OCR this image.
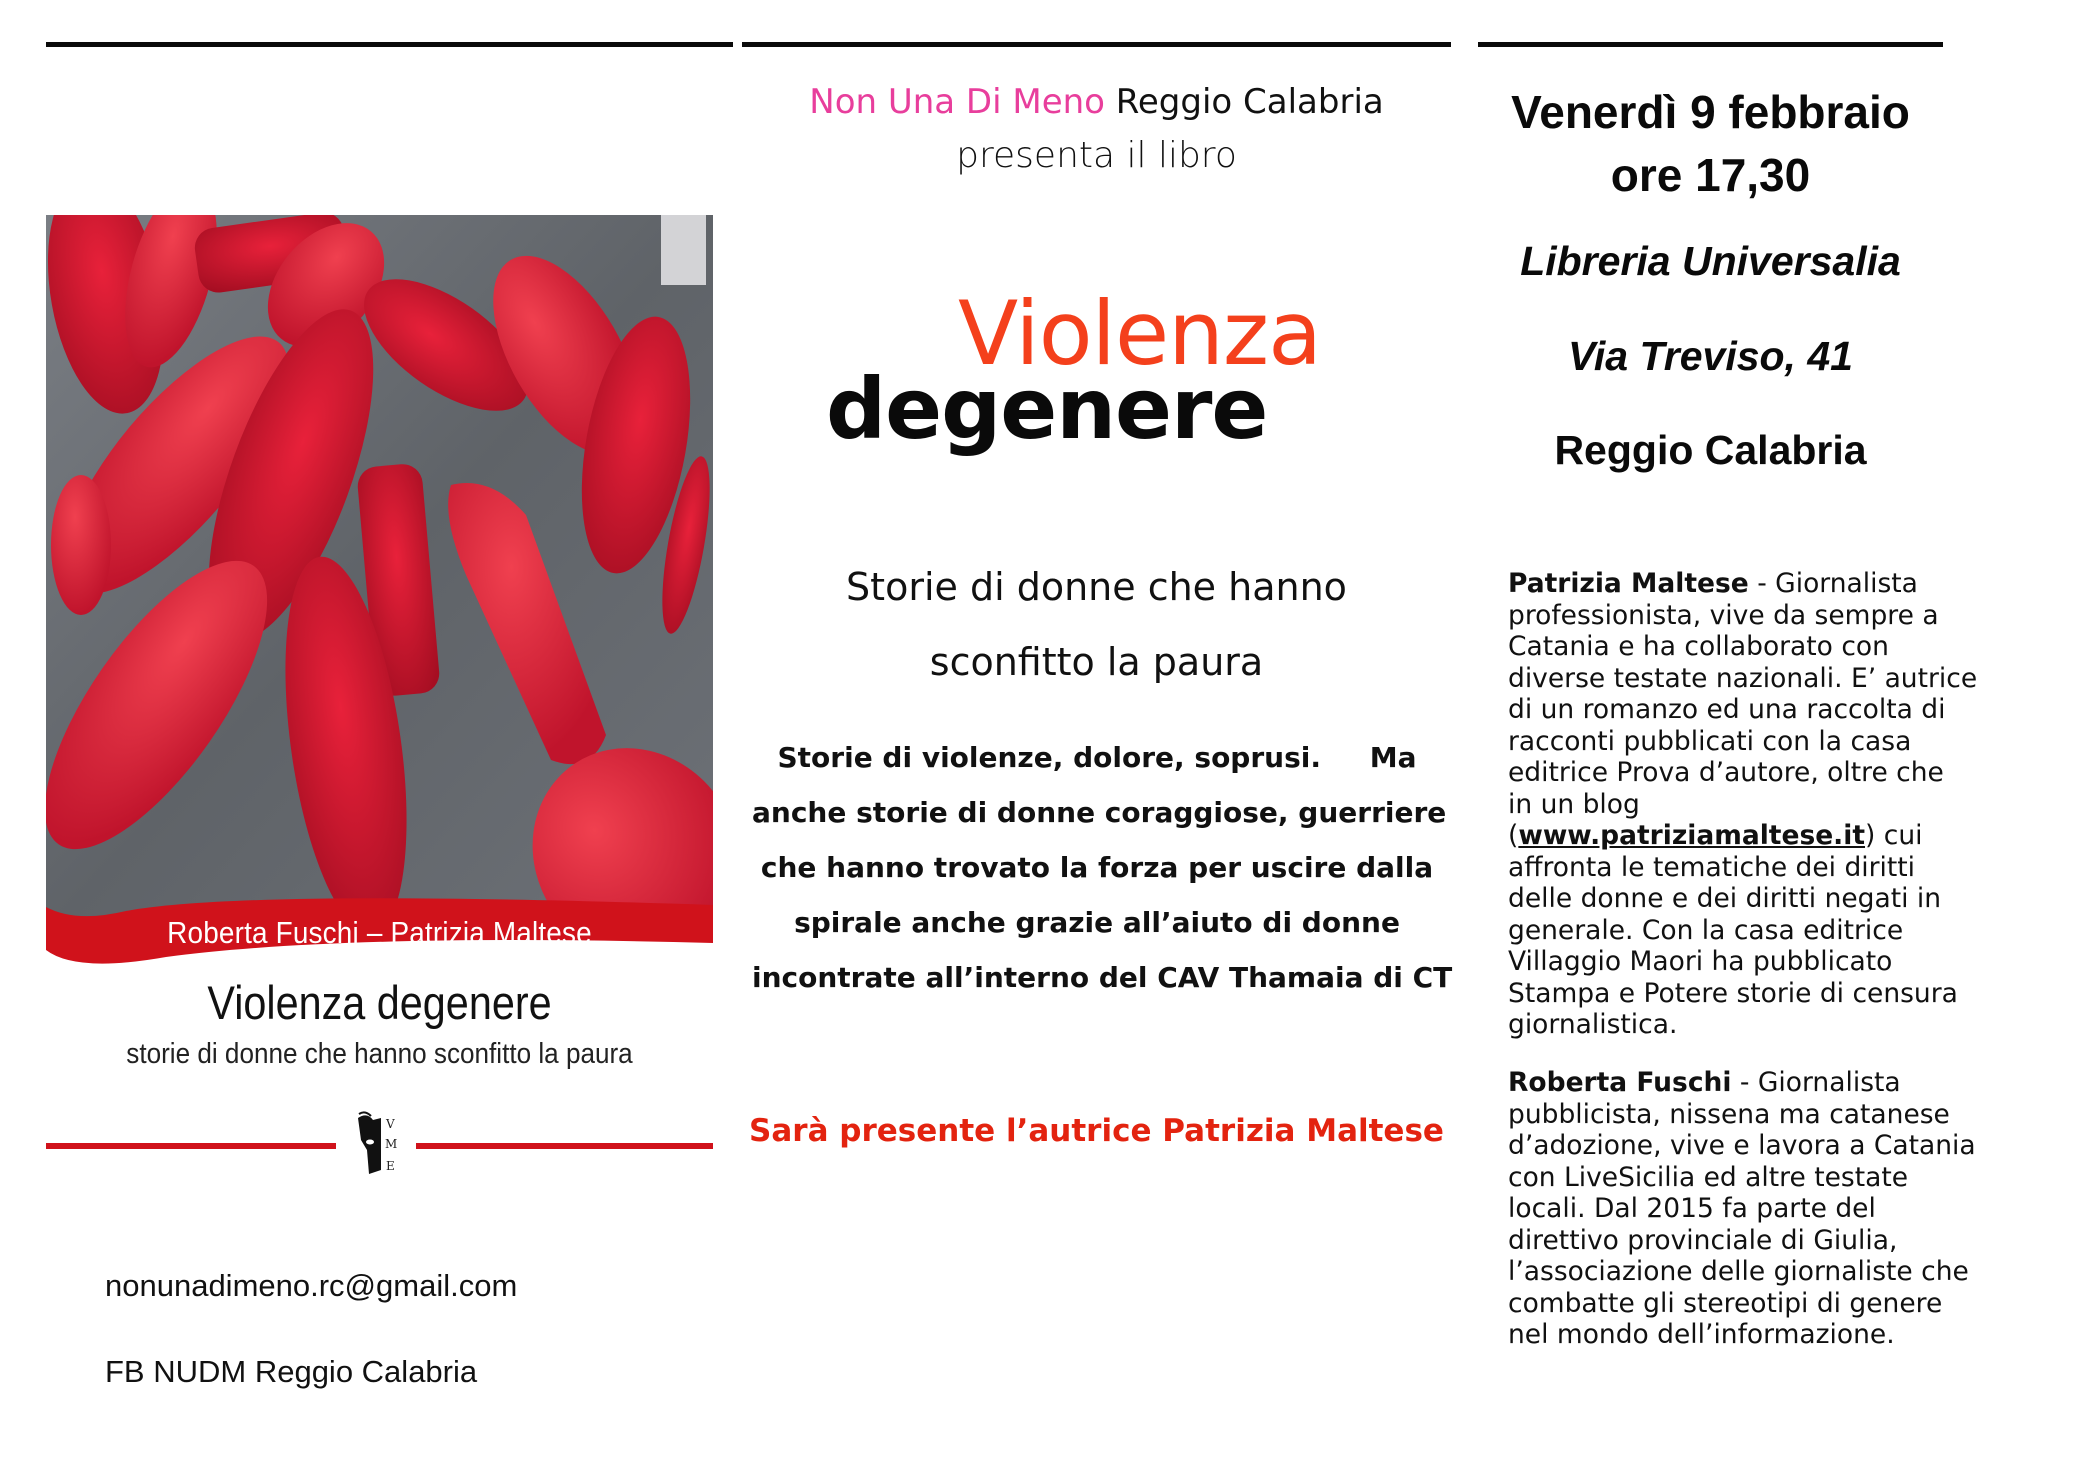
Roberta Fuschi – Patrizia Maltese
Violenza degenere
storie di donne che hanno sconfitto la paura
V
M
E
nonunadimeno.rc@gmail.com
FB NUDM Reggio Calabria
Non Una Di Meno Reggio Calabria
presenta il libro
Violenza
degenere
Storie di donne che hanno
sconfitto la paura
Storie di violenze, dolore, soprusi.     Ma
anche storie di donne coraggiose, guerriere
che hanno trovato la forza per uscire dalla
spirale anche grazie all’aiuto di donne
incontrate all’interno del CAV Thamaia di CT
Sarà presente l’autrice Patrizia Maltese
Venerdì 9 febbraio
ore 17,30
Libreria Universalia
Via Treviso, 41
Reggio Calabria
Patrizia Maltese - Giornalista
professionista, vive da sempre a
Catania e ha collaborato con
diverse testate nazionali. E’ autrice
di un romanzo ed una raccolta di
racconti pubblicati con la casa
editrice Prova d’autore, oltre che
in un blog
(www.patriziamaltese.it) cui
affronta le tematiche dei diritti
delle donne e dei diritti negati in
generale. Con la casa editrice
Villaggio Maori ha pubblicato
Stampa e Potere storie di censura
giornalistica.
Roberta Fuschi - Giornalista
pubblicista, nissena ma catanese
d’adozione, vive e lavora a Catania
con LiveSicilia ed altre testate
locali. Dal 2015 fa parte del
direttivo provinciale di Giulia,
l’associazione delle giornaliste che
combatte gli stereotipi di genere
nel mondo dell’informazione.
